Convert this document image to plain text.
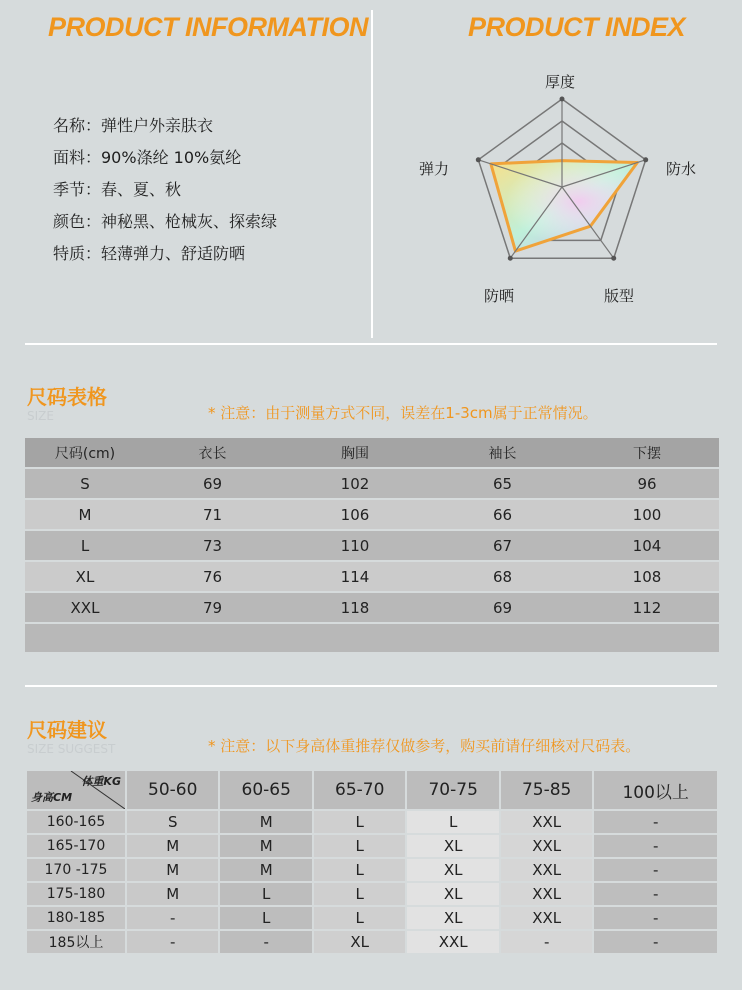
PRODUCT INFORMATION	PRODUCT INDEX
名称：弹性户外亲肤衣
面料：90%涤纶 10%氨纶
季节：春、夏、秋
颜色：神秘黑、枪械灰、探索绿
特质：轻薄弹力、舒适防晒
厚度
防水
版型
防晒
弹力
尺码表格
SIZE	* 注意：由于测量方式不同，误差在1-3cm属于正常情况。
尺码(cm)	衣长	胸围	袖长	下摆
S	69	102	65	96
M	71	106	66	100
L	73	110	67	104
XL	76	114	68	108
XXL	79	118	69	112

尺码建议
SIZE SUGGEST	* 注意：以下身高体重推荐仅做参考，购买前请仔细核对尺码表。
体重KG
身高CM	50-60	60-65	65-70	70-75	75-85	100以上
160-165	S	M	L	L	XXL	-
165-170	M	M	L	XL	XXL	-
170 -175	M	M	L	XL	XXL	-
175-180	M	L	L	XL	XXL	-
180-185	-	L	L	XL	XXL	-
185以上	-	-	XL	XXL	-	-
